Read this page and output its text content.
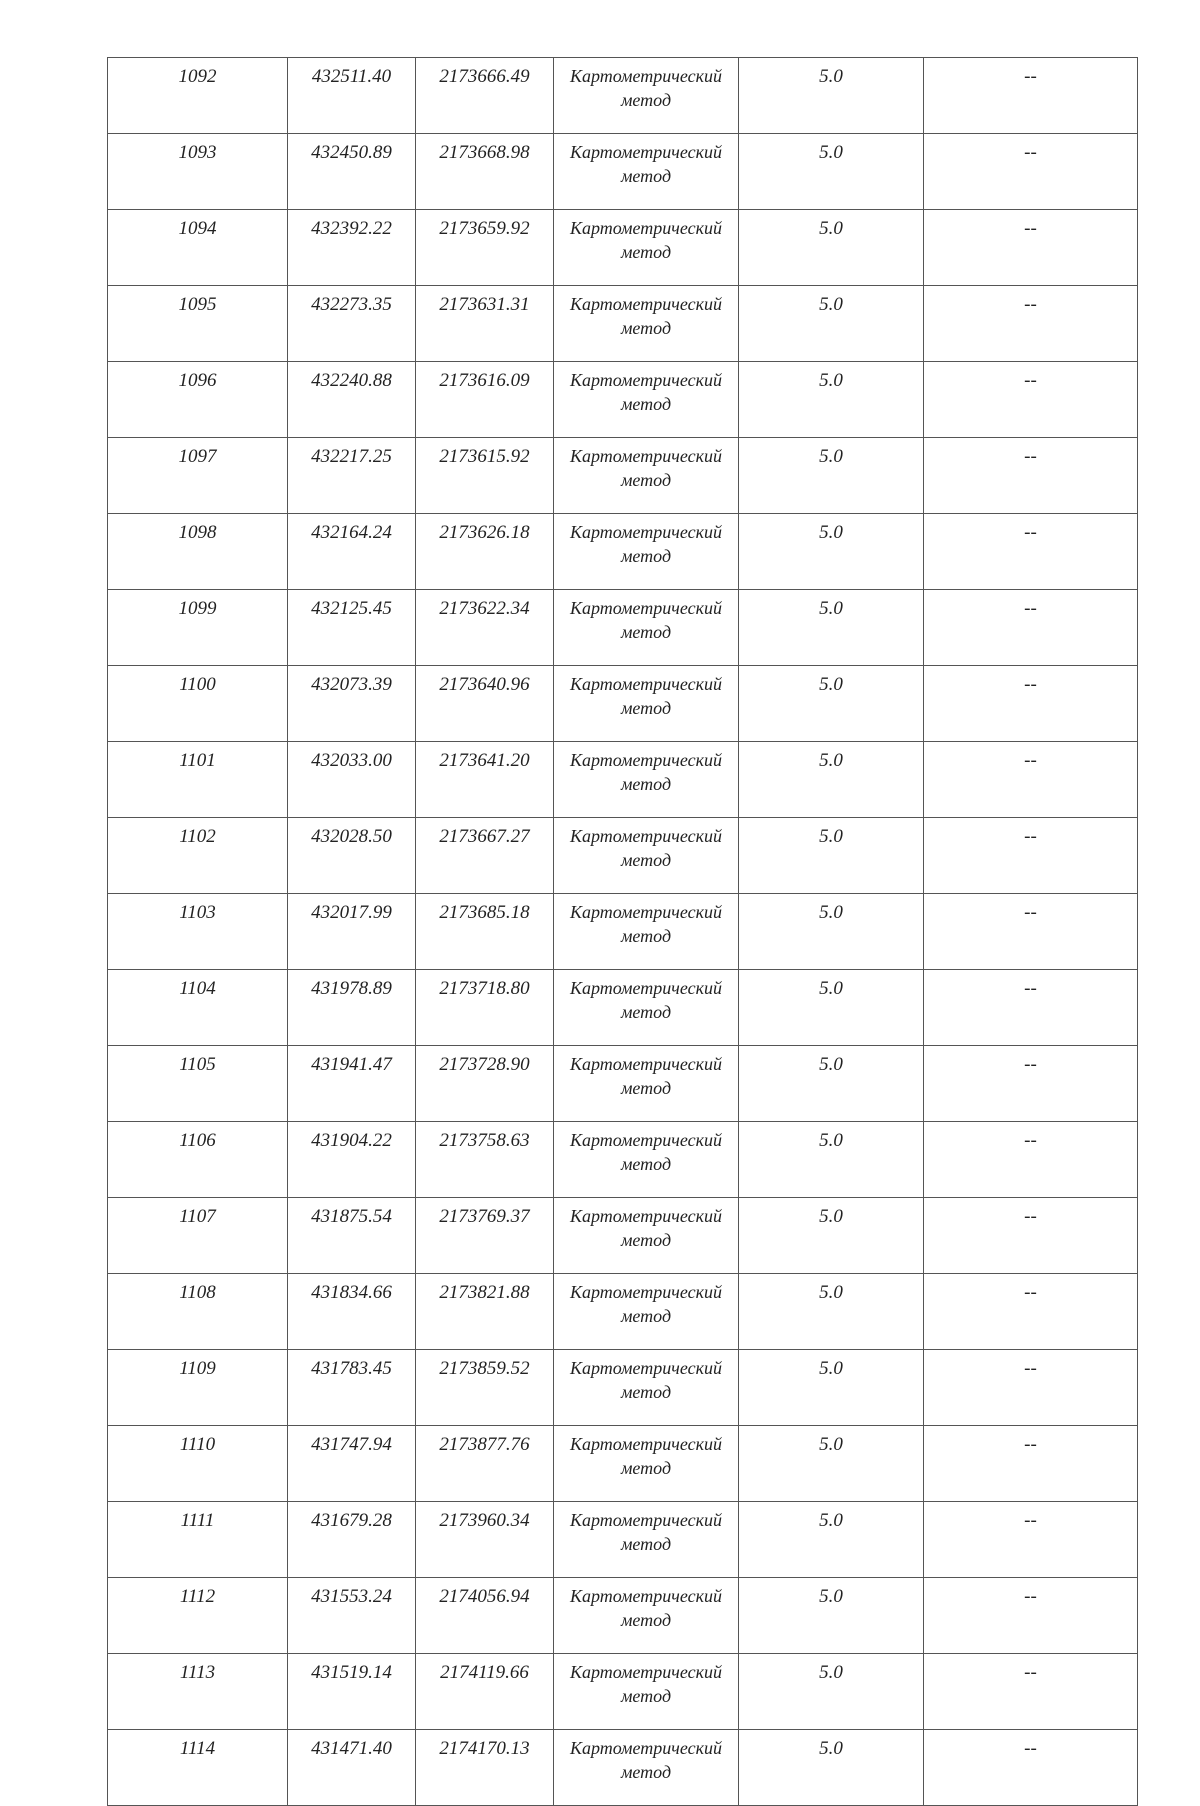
1092	432511.40	2173666.49	Картометрический метод	5.0	--
1093	432450.89	2173668.98	Картометрический метод	5.0	--
1094	432392.22	2173659.92	Картометрический метод	5.0	--
1095	432273.35	2173631.31	Картометрический метод	5.0	--
1096	432240.88	2173616.09	Картометрический метод	5.0	--
1097	432217.25	2173615.92	Картометрический метод	5.0	--
1098	432164.24	2173626.18	Картометрический метод	5.0	--
1099	432125.45	2173622.34	Картометрический метод	5.0	--
1100	432073.39	2173640.96	Картометрический метод	5.0	--
1101	432033.00	2173641.20	Картометрический метод	5.0	--
1102	432028.50	2173667.27	Картометрический метод	5.0	--
1103	432017.99	2173685.18	Картометрический метод	5.0	--
1104	431978.89	2173718.80	Картометрический метод	5.0	--
1105	431941.47	2173728.90	Картометрический метод	5.0	--
1106	431904.22	2173758.63	Картометрический метод	5.0	--
1107	431875.54	2173769.37	Картометрический метод	5.0	--
1108	431834.66	2173821.88	Картометрический метод	5.0	--
1109	431783.45	2173859.52	Картометрический метод	5.0	--
1110	431747.94	2173877.76	Картометрический метод	5.0	--
1111	431679.28	2173960.34	Картометрический метод	5.0	--
1112	431553.24	2174056.94	Картометрический метод	5.0	--
1113	431519.14	2174119.66	Картометрический метод	5.0	--
1114	431471.40	2174170.13	Картометрический метод	5.0	--
